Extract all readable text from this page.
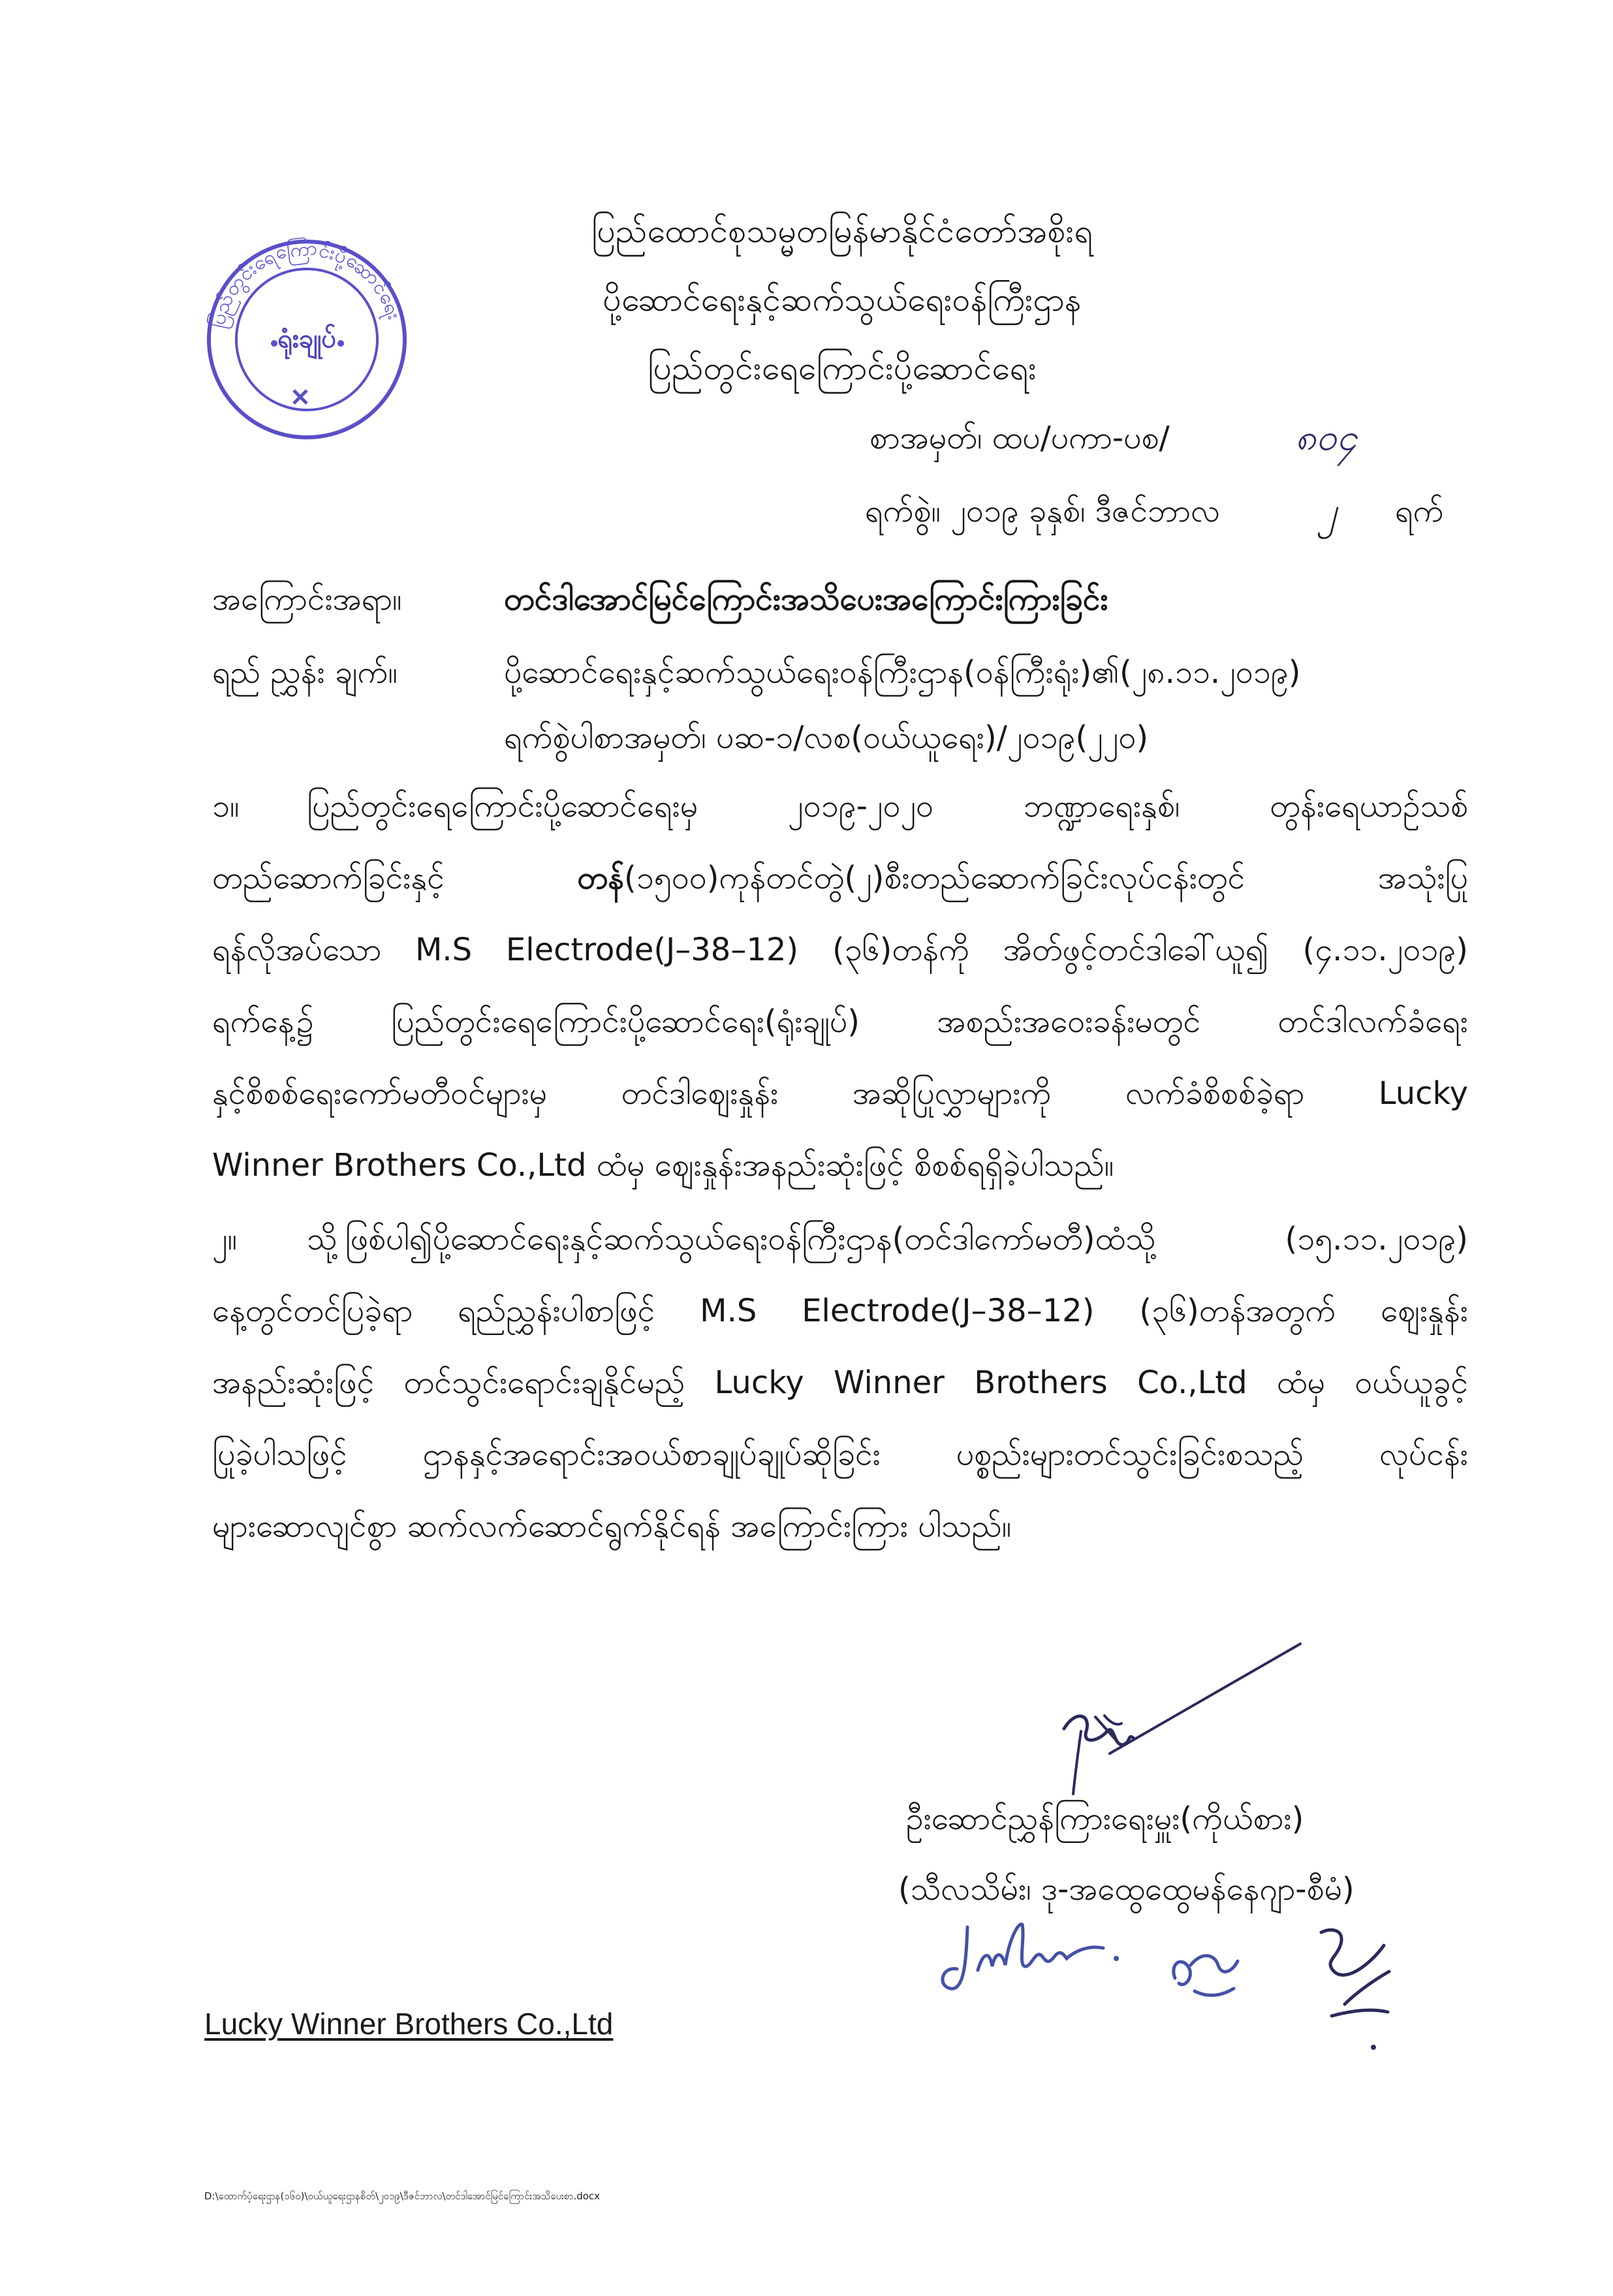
ပြည်တွင်းရေကြောင်းပို့ဆောင်ရေး
ရုံးချုပ်
ပြည်ထောင်စုသမ္မတမြန်မာနိုင်ငံတော်အစိုးရ
ပို့ဆောင်ရေးနှင့်ဆက်သွယ်ရေးဝန်ကြီးဌာန
ပြည်တွင်းရေကြောင်းပို့ဆောင်ရေး
စာအမှတ်၊ ထပ/ပကာ-ပစ/	၈၀၄
ရက်စွဲ။ ၂၀၁၉ ခုနှစ်၊ ဒီဇင်ဘာလ	၂ ရက်
အကြောင်းအရာ။	တင်ဒါအောင်မြင်ကြောင်းအသိပေးအကြောင်းကြားခြင်း
ရည် ညွှန်း ချက်။	ပို့ဆောင်ရေးနှင့်ဆက်သွယ်ရေးဝန်ကြီးဌာန(ဝန်ကြီးရုံး)၏(၂၈.၁၁.၂၀၁၉)
ရက်စွဲပါစာအမှတ်၊ ပဆ-၁/လစ(ဝယ်ယူရေး)/၂၀၁၉(၂၂၀)
၁။	ပြည်တွင်းရေကြောင်းပို့ဆောင်ရေးမှ ၂၀၁၉-၂၀၂၀ ဘဏ္ဍာရေးနှစ်၊ တွန်းရေယာဉ်သစ်
တည်ဆောက်ခြင်းနှင့် တန်(၁၅၀၀)ကုန်တင်တွဲ(၂)စီးတည်ဆောက်ခြင်းလုပ်ငန်းတွင် အသုံးပြု
ရန်လိုအပ်သော M.S Electrode(J–38–12) (၃၆)တန်ကို အိတ်ဖွင့်တင်ဒါခေါ်ယူ၍ (၄.၁၁.၂၀၁၉)
ရက်နေ့၌ ပြည်တွင်းရေကြောင်းပို့ဆောင်ရေး(ရုံးချုပ်) အစည်းအဝေးခန်းမတွင် တင်ဒါလက်ခံရေး
နှင့်စိစစ်ရေးကော်မတီဝင်များမှ တင်ဒါဈေးနှုန်း အဆိုပြုလွှာများကို လက်ခံစိစစ်ခဲ့ရာ Lucky
Winner Brothers Co.,Ltd ထံမှ ဈေးနှုန်းအနည်းဆုံးဖြင့် စိစစ်ရရှိခဲ့ပါသည်။
၂။	သို့ဖြစ်ပါ၍ပို့ဆောင်ရေးနှင့်ဆက်သွယ်ရေးဝန်ကြီးဌာန(တင်ဒါကော်မတီ)ထံသို့ (၁၅.၁၁.၂၀၁၉)
နေ့တွင်တင်ပြခဲ့ရာ ရည်ညွှန်းပါစာဖြင့် M.S Electrode(J–38–12) (၃၆)တန်အတွက် ဈေးနှုန်း
အနည်းဆုံးဖြင့် တင်သွင်းရောင်းချနိုင်မည့် Lucky Winner Brothers Co.,Ltd ထံမှ ဝယ်ယူခွင့်
ပြုခဲ့ပါသဖြင့် ဌာနနှင့်အရောင်းအဝယ်စာချုပ်ချုပ်ဆိုခြင်း ပစ္စည်းများတင်သွင်းခြင်းစသည့် လုပ်ငန်း
များဆောလျင်စွာ ဆက်လက်ဆောင်ရွက်နိုင်ရန် အကြောင်းကြား ပါသည်။
ဦးဆောင်ညွှန်ကြားရေးမှူး(ကိုယ်စား)
(သီလသိမ်း၊ ဒု-အထွေထွေမန်နေဂျာ-စီမံ)
Lucky Winner Brothers Co.,Ltd
D:\ထောက်ပံ့ရေးဌာန(၁၆၀)\ဝယ်ယူရေးဌာနစိတ်\၂၀၁၉\ဒီဇင်ဘာလ\တင်ဒါအောင်မြင်ကြောင်းအသိပေးစာ.docx
